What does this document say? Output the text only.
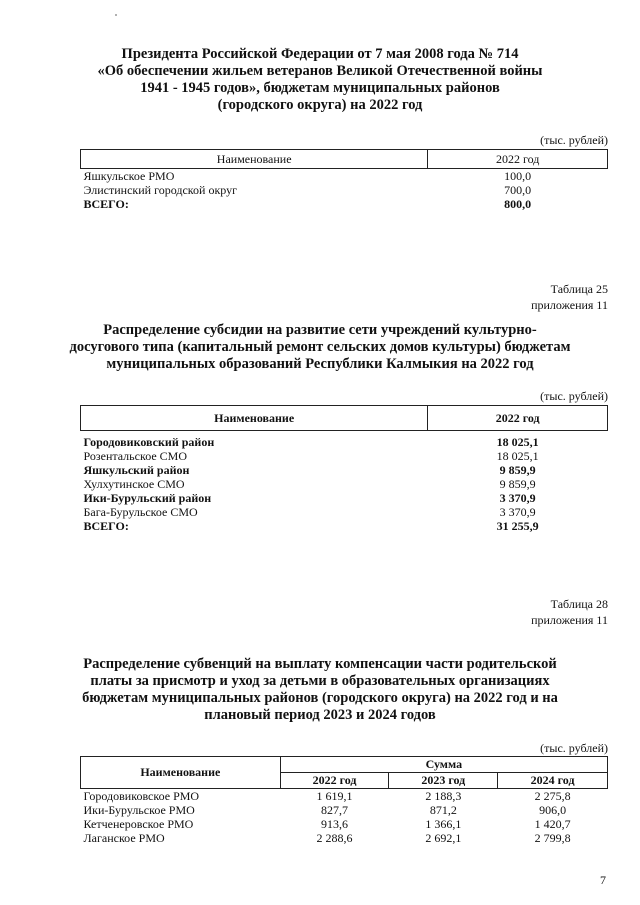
Президента Российской Федерации от 7 мая 2008 года № 714
«Об обеспечении жильем ветеранов Великой Отечественной войны
1941 - 1945 годов», бюджетам муниципальных районов
(городского округа) на 2022 год
(тыс. рублей)
Наименование	2022 год
Яшкульское РМО	100,0
Элистинский городской округ	700,0
ВСЕГО:	800,0
Таблица 25
приложения 11
Распределение субсидии на развитие сети учреждений культурно-
досугового типа (капитальный ремонт сельских домов культуры) бюджетам
муниципальных образований Республики Калмыкия на 2022 год
(тыс. рублей)
Наименование	2022 год

Городовиковский район	18 025,1
Розентальское СМО	18 025,1
Яшкульский район	9 859,9
Хулхутинское СМО	9 859,9
Ики-Бурульский район	3 370,9
Бага-Бурульское СМО	3 370,9
ВСЕГО:	31 255,9
Таблица 28
приложения 11
Распределение субвенций на выплату компенсации части родительской
платы за присмотр и уход за детьми в образовательных организациях
бюджетам муниципальных районов (городского округа) на 2022 год и на
плановый период 2023 и 2024 годов
(тыс. рублей)
Наименование	Сумма		
	2022 год	2023 год	2024 год
Городовиковское РМО	1 619,1	2 188,3	2 275,8
Ики-Бурульское РМО	827,7	871,2	906,0
Кетченеровское РМО	913,6	1 366,1	1 420,7
Лаганское РМО	2 288,6	2 692,1	2 799,8
7
